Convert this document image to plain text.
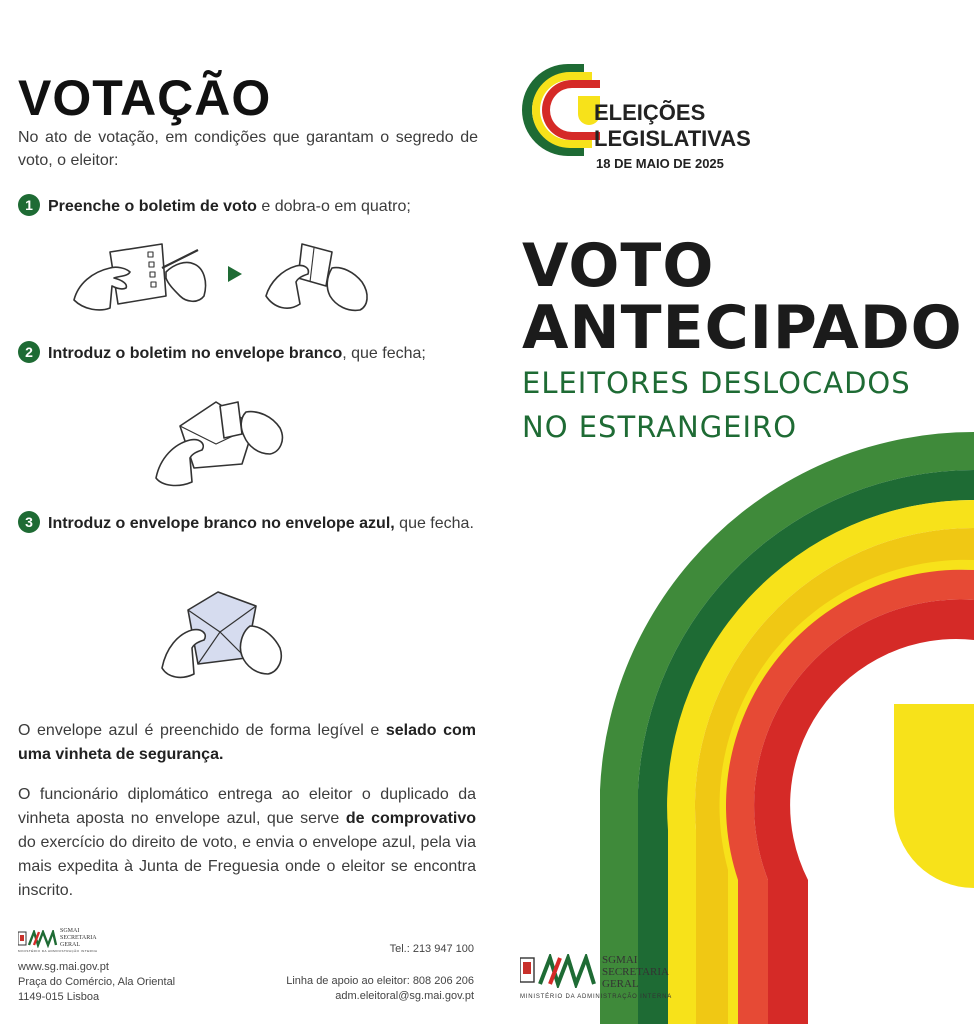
VOTAÇÃO

No ato de votação, em condições que garantam o segredo de voto, o eleitor:

1 Preenche o boletim de voto e dobra-o em quatro;
2 Introduz o boletim no envelope branco, que fecha;
3 Introduz o envelope branco no envelope azul, que fecha.

O envelope azul é preenchido de forma legível e selado com uma vinheta de segurança.

O funcionário diplomático entrega ao eleitor o duplicado da vinheta aposta no envelope azul, que serve de comprovativo do exercício do direito de voto, e envia o envelope azul, pela via mais expedita à Junta de Freguesia onde o eleitor se encontra inscrito.

SGMAI
SECRETARIA
GERAL
MINISTÉRIO DA ADMINISTRAÇÃO INTERNA
www.sg.mai.gov.pt
Praça do Comércio, Ala Oriental
1149-015 Lisboa
Tel.: 213 947 100
Linha de apoio ao eleitor: 808 206 206
adm.eleitoral@sg.mai.gov.pt
ELEIÇÕES
LEGISLATIVAS
18 DE MAIO DE 2025
VOTO
ANTECIPADO

ELEITORES DESLOCADOS

NO ESTRANGEIRO

SGMAI
SECRETARIA
GERAL
MINISTÉRIO DA ADMINISTRAÇÃO INTERNA
